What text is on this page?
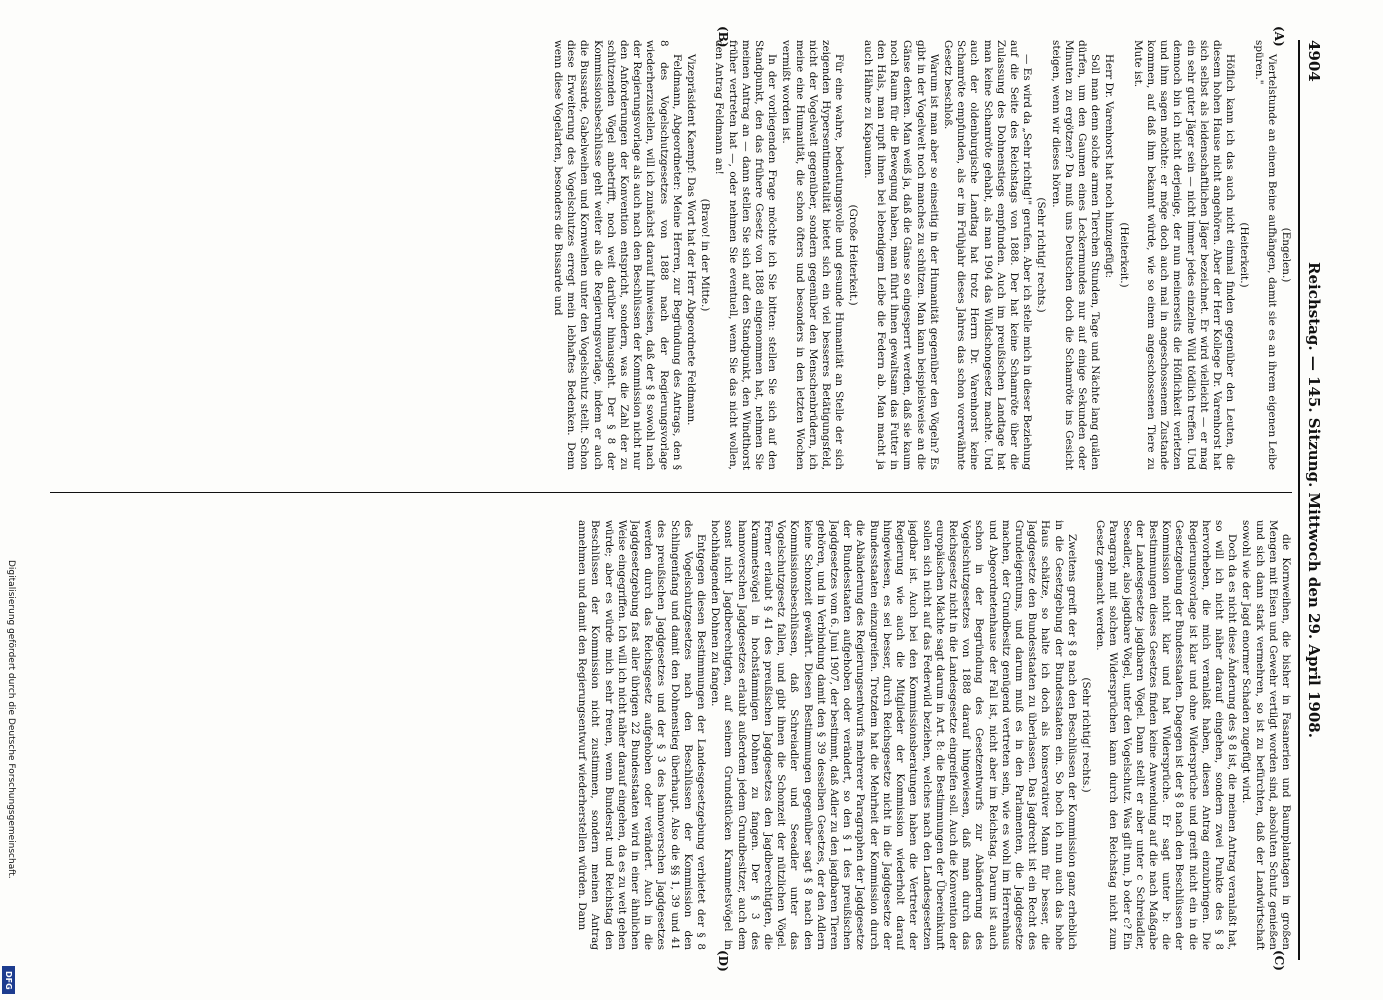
4904
Reichstag. — 145. Sitzung. Mittwoch den 29. April 1908.
(A)
(B)
(C)
(D)

(Engelen.)

Viertelstunde an einem Beine aufhängen, damit sie es an ihrem eigenen Leibe spüren."

(Heiterkeit.)

Höflich kann ich das auch nicht einmal finden gegenüber den Leuten, die diesem hohen Hause nicht angehören. Aber der Herr Kollege Dr. Varenhorst hat sich selbst als leidenschaftlichen Jäger bezeichnet. Er wird vielleicht — er mag ein sehr guter Jäger sein — nicht immer jedes einzelne Wild tödlich treffen. Und dennoch bin ich nicht derjenige, der nun meinerseits die Höflichkeit verletzen und ihm sagen möchte: er möge doch auch mal in angeschossenem Zustande kommen, auf daß ihm bekannt würde, wie so einem angeschossenen Tiere zu Mute ist.

(Heiterkeit.)

Herr Dr. Varenhorst hat noch hinzugefügt:

Soll man denn solche armen Tierchen Stunden, Tage und Nächte lang quälen dürfen, um den Gaumen eines Leckermundes nur auf einige Sekunden oder Minuten zu ergötzen? Da muß uns Deutschen doch die Schamröte ins Gesicht steigen, wenn wir dieses hören.

(Sehr richtig! rechts.)

— Es wird da „Sehr richtig!" gerufen. Aber ich stelle mich in dieser Beziehung auf die Seite des Reichstags von 1888. Der hat keine Schamröte über die Zulassung des Dohnenstiegs empfunden. Auch im preußischen Landtage hat man keine Schamröte gehabt, als man 1904 das Wildschongesetz machte. Und auch der oldenburgische Landtag hat trotz Herrn Dr. Varenhorst keine Schamröte empfunden, als er im Frühjahr dieses Jahres das schon vorerwähnte Gesetz beschloß.

Warum ist man aber so einseitig in der Humanität gegenüber den Vögeln? Es gibt in der Vogelwelt noch manches zu schützen. Man kann beispielsweise an die Gänse denken. Man weiß ja, daß die Gänse so eingesperrt werden, daß sie kaum noch Raum für die Bewegung haben, man führt ihnen gewaltsam das Futter in den Hals, man rupft ihnen bei lebendigem Leibe die Federn ab. Man macht ja auch Hähne zu Kapaunen.

(Große Heiterkeit.)

Für eine wahre, bedeutungsvolle und gesunde Humanität an Stelle der sich zeigenden Hypersentimentalität bietet sich ein viel besseres Betätigungsfeld, nicht der Vogelwelt gegenüber, sondern gegenüber den Menschenbrüdern, ich meine eine Humanität, die schon öfters und besonders in den letzten Wochen vermißt worden ist.

In der vorliegenden Frage möchte ich Sie bitten: stellen Sie sich auf den Standpunkt, den das frühere Gesetz von 1888 eingenommen hat, nehmen Sie meinen Antrag an — dann stellen Sie sich auf den Standpunkt, den Windthorst früher vertreten hat —, oder nehmen Sie eventuell, wenn Sie das nicht wollen, den Antrag Feldmann an!

(Bravo! in der Mitte.)

Vizepräsident Kaempf: Das Wort hat der Herr Abgeordnete Feldmann.

Feldmann, Abgeordneter: Meine Herren, zur Begründung des Antrags, den § 8 des Vogelschutzgesetzes von 1888 nach der Regierungsvorlage wiederherzustellen, will ich zunächst darauf hinweisen, daß der § 8 sowohl nach der Regierungsvorlage als auch nach den Beschlüssen der Kommission nicht nur den Anforderungen der Konvention entspricht, sondern, was die Zahl der zu schützenden Vögel anbetrifft, noch weit darüber hinausgeht. Der § 8 der Kommissionsbeschlüsse geht weiter als die Regierungsvorlage, indem er auch die Bussarde, Gabelweihen und Kornweihen unter den Vogelschutz stellt. Schon diese Erweiterung des Vogelschutzes erregt mein lebhaftes Bedenken. Denn wenn diese Vogelarten, besonders die Bussarde und

die Kornweihen, die bisher in Fasanerien und Baumplantagen in großen Mengen mit Eisen und Gewehr vertilgt worden sind, absoluten Schutz genießen und sich dann stark vermehren, so ist zu befürchten, daß der Landwirtschaft sowohl wie der Jagd enormer Schaden zugefügt wird.

Doch da es nicht diese Änderung des § 8 ist, die meinen Antrag veranlaßt hat, so will ich nicht näher darauf eingehen, sondern zwei Punkte des § 8 hervorheben, die mich veranlaßt haben, diesen Antrag einzubringen. Die Regierungsvorlage ist klar und ohne Widersprüche und greift nicht ein in die Gesetzgebung der Bundesstaaten. Dagegen ist der § 8 nach den Beschlüssen der Kommission nicht klar und hat Widersprüche. Er sagt unter b: die Bestimmungen dieses Gesetzes finden keine Anwendung auf die nach Maßgabe der Landesgesetze jagdbaren Vögel. Dann stellt er aber unter c Schreiadler, Seeadler, also jagdbare Vögel, unter den Vogelschutz. Was gilt nun, b oder c? Ein Paragraph mit solchen Widersprüchen kann durch den Reichstag nicht zum Gesetz gemacht werden.

(Sehr richtig! rechts.)

Zweitens greift der § 8 nach den Beschlüssen der Kommission ganz erheblich in die Gesetzgebung der Bundesstaaten ein. So hoch ich nun auch das hohe Haus schätze, so halte ich doch als konservativer Mann für besser, die Jagdgesetze den Bundesstaaten zu überlassen. Das Jagdrecht ist ein Recht des Grundeigentums, und darum muß es in den Parlamenten, die Jagdgesetze machen, der Grundbesitz genügend vertreten sein, wie es wohl im Herrenhaus und Abgeordnetenhause der Fall ist, nicht aber im Reichstag. Darum ist auch schon in der Begründung des Gesetzentwurfs zur Abänderung des Vogelschutzgesetzes von 1888 darauf hingewiesen, daß man durch das Reichsgesetz nicht in die Landesgesetze eingreifen soll. Auch die Konvention der europäischen Mächte sagt darum in Art. 8: die Bestimmungen der Übereinkunft sollen sich nicht auf das Federwild beziehen, welches nach den Landesgesetzen jagdbar ist. Auch bei den Kommissionsberatungen haben die Vertreter der Regierung wie auch die Mitglieder der Kommission wiederholt darauf hingewiesen, es sei besser, durch Reichsgesetze nicht in die Jagdgesetze der Bundesstaaten einzugreifen. Trotzdem hat die Mehrheit der Kommission durch die Abänderung des Regierungsentwurfs mehrerer Paragraphen der Jagdgesetze der Bundesstaaten aufgehoben oder verändert, so den § 1 des preußischen Jagdgesetzes vom 6. Juni 1907, der bestimmt, daß Adler zu den jagdbaren Tieren gehören, und in Verbindung damit den § 39 desselben Gesetzes, der den Adlern keine Schonzeit gewährt. Diesen Bestimmungen gegenüber sagt § 8 nach den Kommissionsbeschlüssen, daß Schreiadler und Seeadler unter das Vogelschutzgesetz fallen, und gibt ihnen die Schonzeit der nützlichen Vögel. Ferner erlaubt § 41 des preußischen Jagdgesetzes den Jagdberechtigten, die Krammetsvögel in hochstämmigen Dohnen zu fangen. Der § 3 des hannoverschen Jagdgesetzes erlaubt außerdem jedem Grundbesitzer, auch dem sonst nicht Jagdberechtigten, auf seinem Grundstücken Krammetsvögel in hochhängenden Dohnen zu fangen.

Entgegen diesen Bestimmungen der Landesgesetzgebung verbietet der § 8 des Vogelschutzgesetzes nach den Beschlüssen der Kommission den Schlingenfang und damit den Dohnenstieg überhaupt. Also die §§ 1, 39 und 41 des preußischen Jagdgesetzes und der § 3 des hannoverschen Jagdgesetzes werden durch das Reichsgesetz aufgehoben oder verändert. Auch in die Jagdgesetzgebung fast aller übrigen 22 Bundesstaaten wird in einer ähnlichen Weise eingegriffen. Ich will ich nicht näher darauf eingehen, da es zu weit gehen würde; aber es würde mich sehr freuen, wenn Bundesrat und Reichstag den Beschlüssen der Kommission nicht zustimmen, sondern meinen Antrag annehmen und damit den Regierungsentwurf wiederherstellen würden. Dann

Digitalisierung gefördert durch die Deutsche Forschungsgemeinschaft.
DFG
